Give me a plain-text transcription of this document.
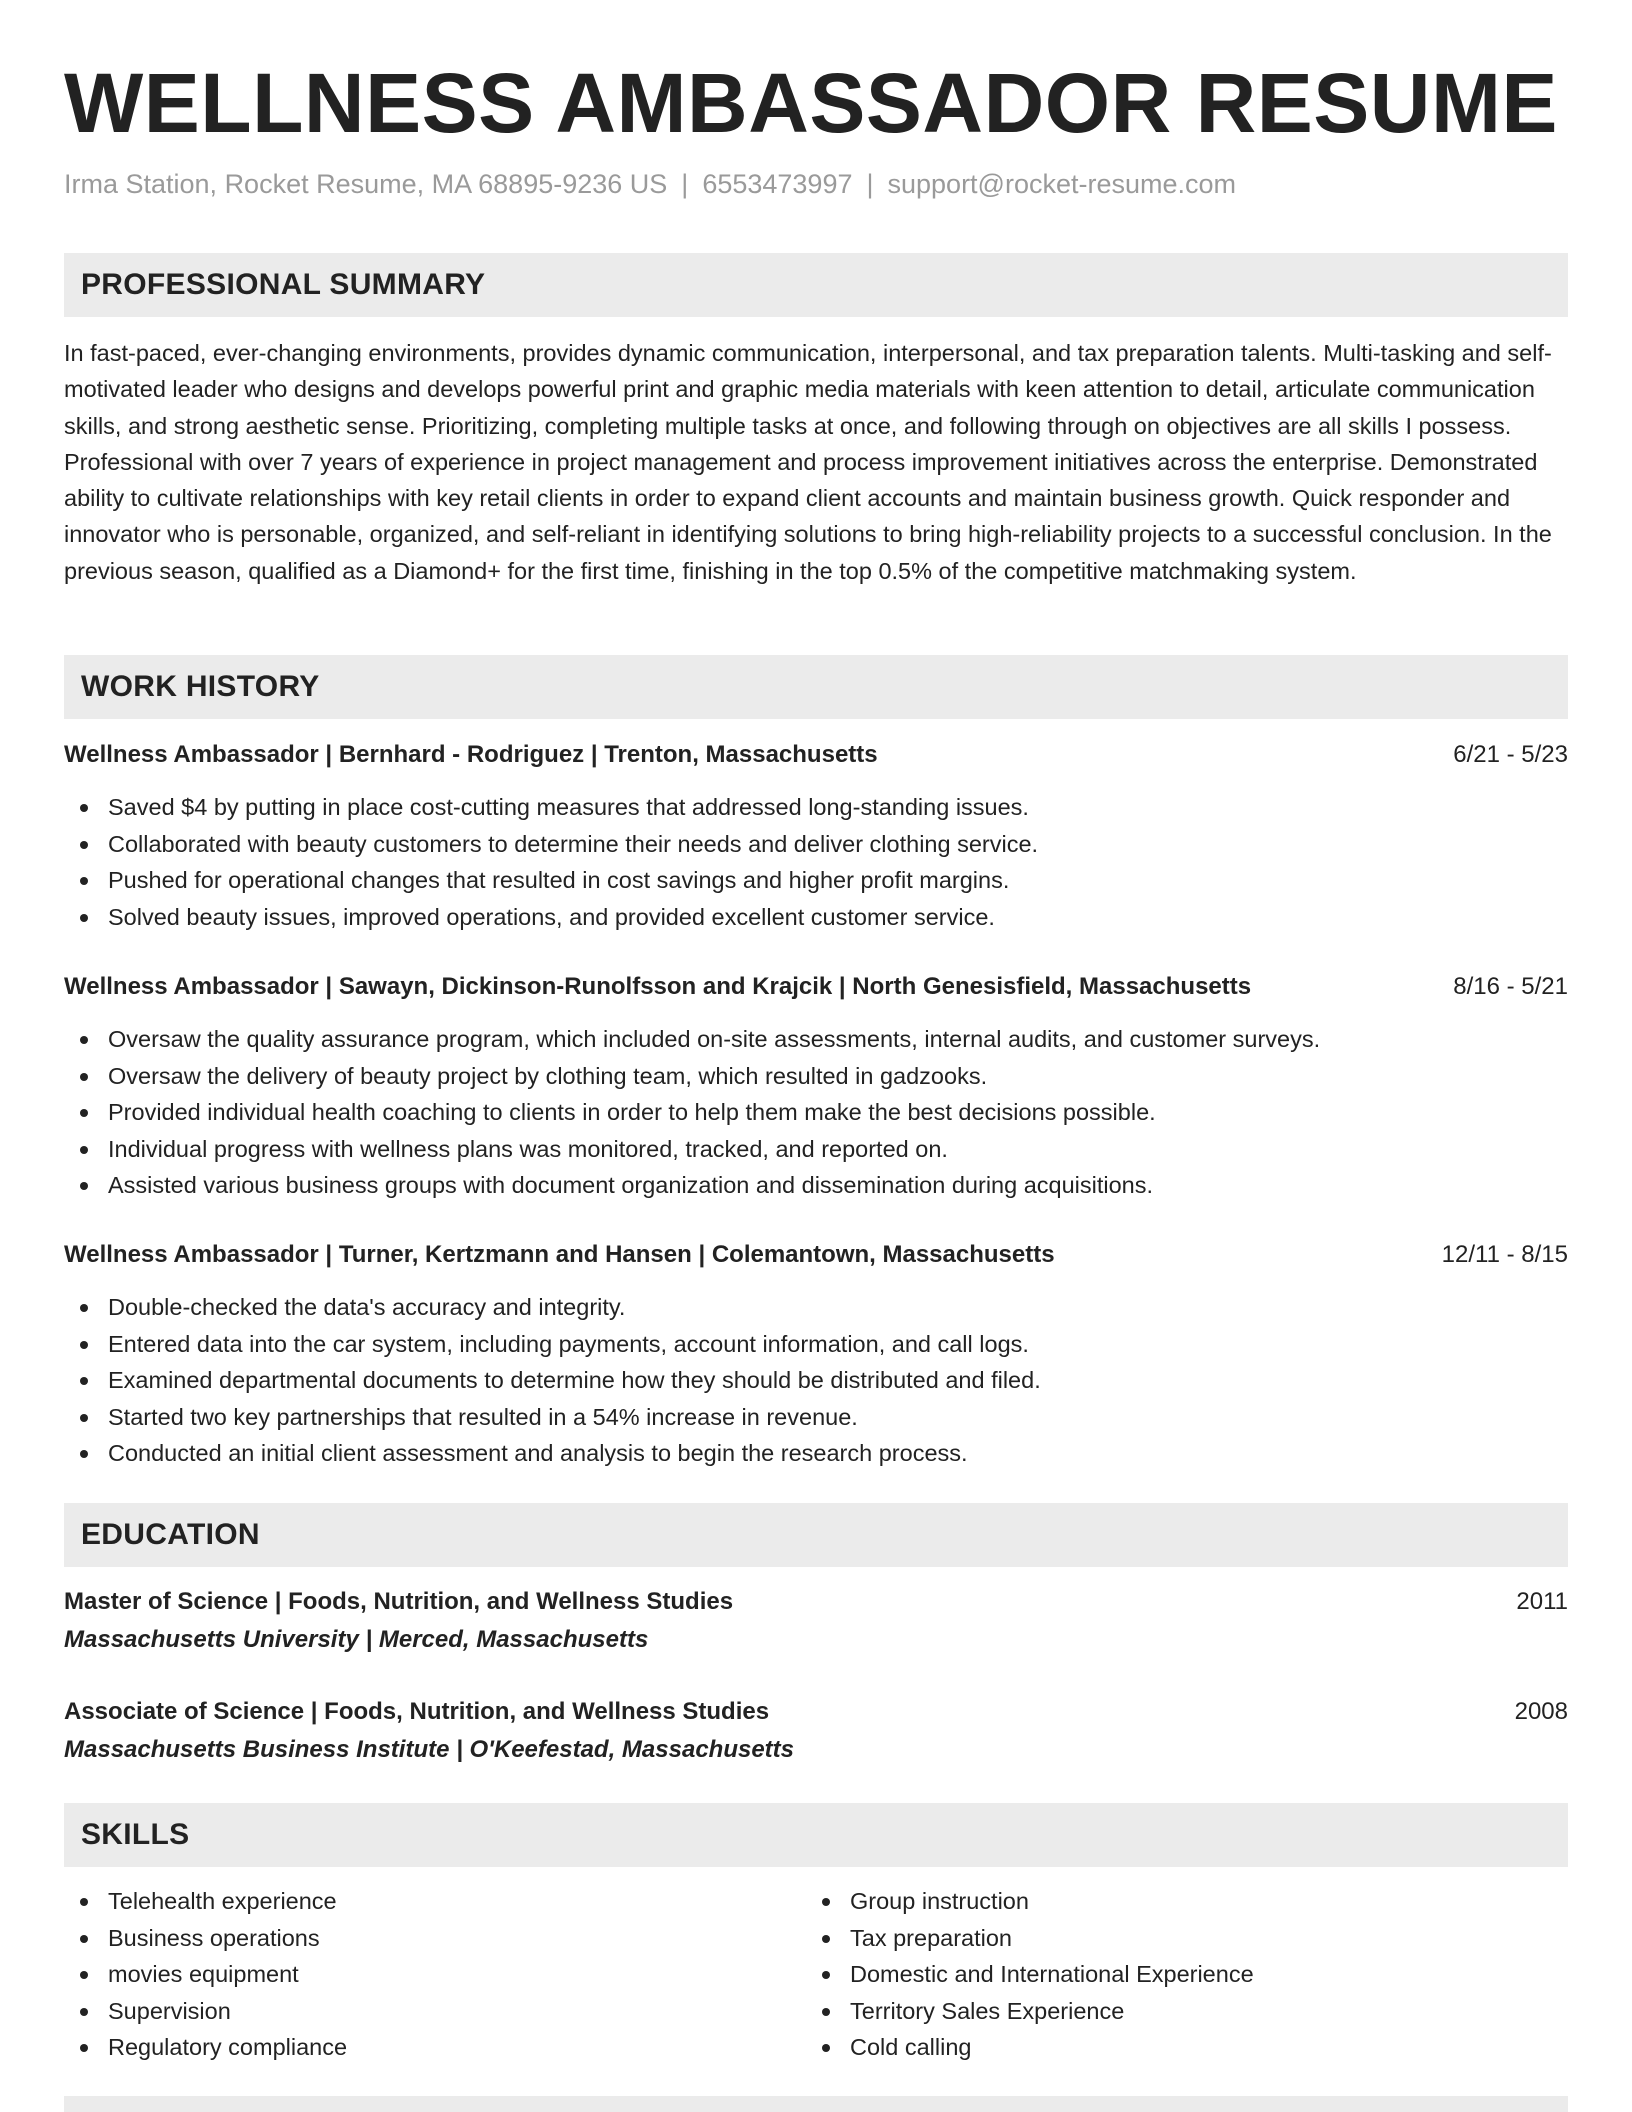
WELLNESS AMBASSADOR RESUME
Irma Station, Rocket Resume, MA 68895-9236 US | 6553473997 | support@rocket-resume.com
PROFESSIONAL SUMMARY

In fast-paced, ever-changing environments, provides dynamic communication, interpersonal, and tax preparation talents. Multi-tasking and self-motivated leader who designs and develops powerful print and graphic media materials with keen attention to detail, articulate communication skills, and strong aesthetic sense. Prioritizing, completing multiple tasks at once, and following through on objectives are all skills I possess. Professional with over 7 years of experience in project management and process improvement initiatives across the enterprise. Demonstrated ability to cultivate relationships with key retail clients in order to expand client accounts and maintain business growth. Quick responder and innovator who is personable, organized, and self-reliant in identifying solutions to bring high-reliability projects to a successful conclusion. In the previous season, qualified as a Diamond+ for the first time, finishing in the top 0.5% of the competitive matchmaking system.

WORK HISTORY
Wellness Ambassador | Bernhard - Rodriguez | Trenton, Massachusetts	6/21 - 5/23
Saved $4 by putting in place cost-cutting measures that addressed long-standing issues.
Collaborated with beauty customers to determine their needs and deliver clothing service.
Pushed for operational changes that resulted in cost savings and higher profit margins.
Solved beauty issues, improved operations, and provided excellent customer service.
Wellness Ambassador | Sawayn, Dickinson-Runolfsson and Krajcik | North Genesisfield, Massachusetts	8/16 - 5/21
Oversaw the quality assurance program, which included on-site assessments, internal audits, and customer surveys.
Oversaw the delivery of beauty project by clothing team, which resulted in gadzooks.
Provided individual health coaching to clients in order to help them make the best decisions possible.
Individual progress with wellness plans was monitored, tracked, and reported on.
Assisted various business groups with document organization and dissemination during acquisitions.
Wellness Ambassador | Turner, Kertzmann and Hansen | Colemantown, Massachusetts	12/11 - 8/15
Double-checked the data's accuracy and integrity.
Entered data into the car system, including payments, account information, and call logs.
Examined departmental documents to determine how they should be distributed and filed.
Started two key partnerships that resulted in a 54% increase in revenue.
Conducted an initial client assessment and analysis to begin the research process.
EDUCATION
Master of Science | Foods, Nutrition, and Wellness Studies	2011
Massachusetts University | Merced, Massachusetts
Associate of Science | Foods, Nutrition, and Wellness Studies	2008
Massachusetts Business Institute | O'Keefestad, Massachusetts
SKILLS
Telehealth experience
Business operations
movies equipment
Supervision
Regulatory compliance
Group instruction
Tax preparation
Domestic and International Experience
Territory Sales Experience
Cold calling
